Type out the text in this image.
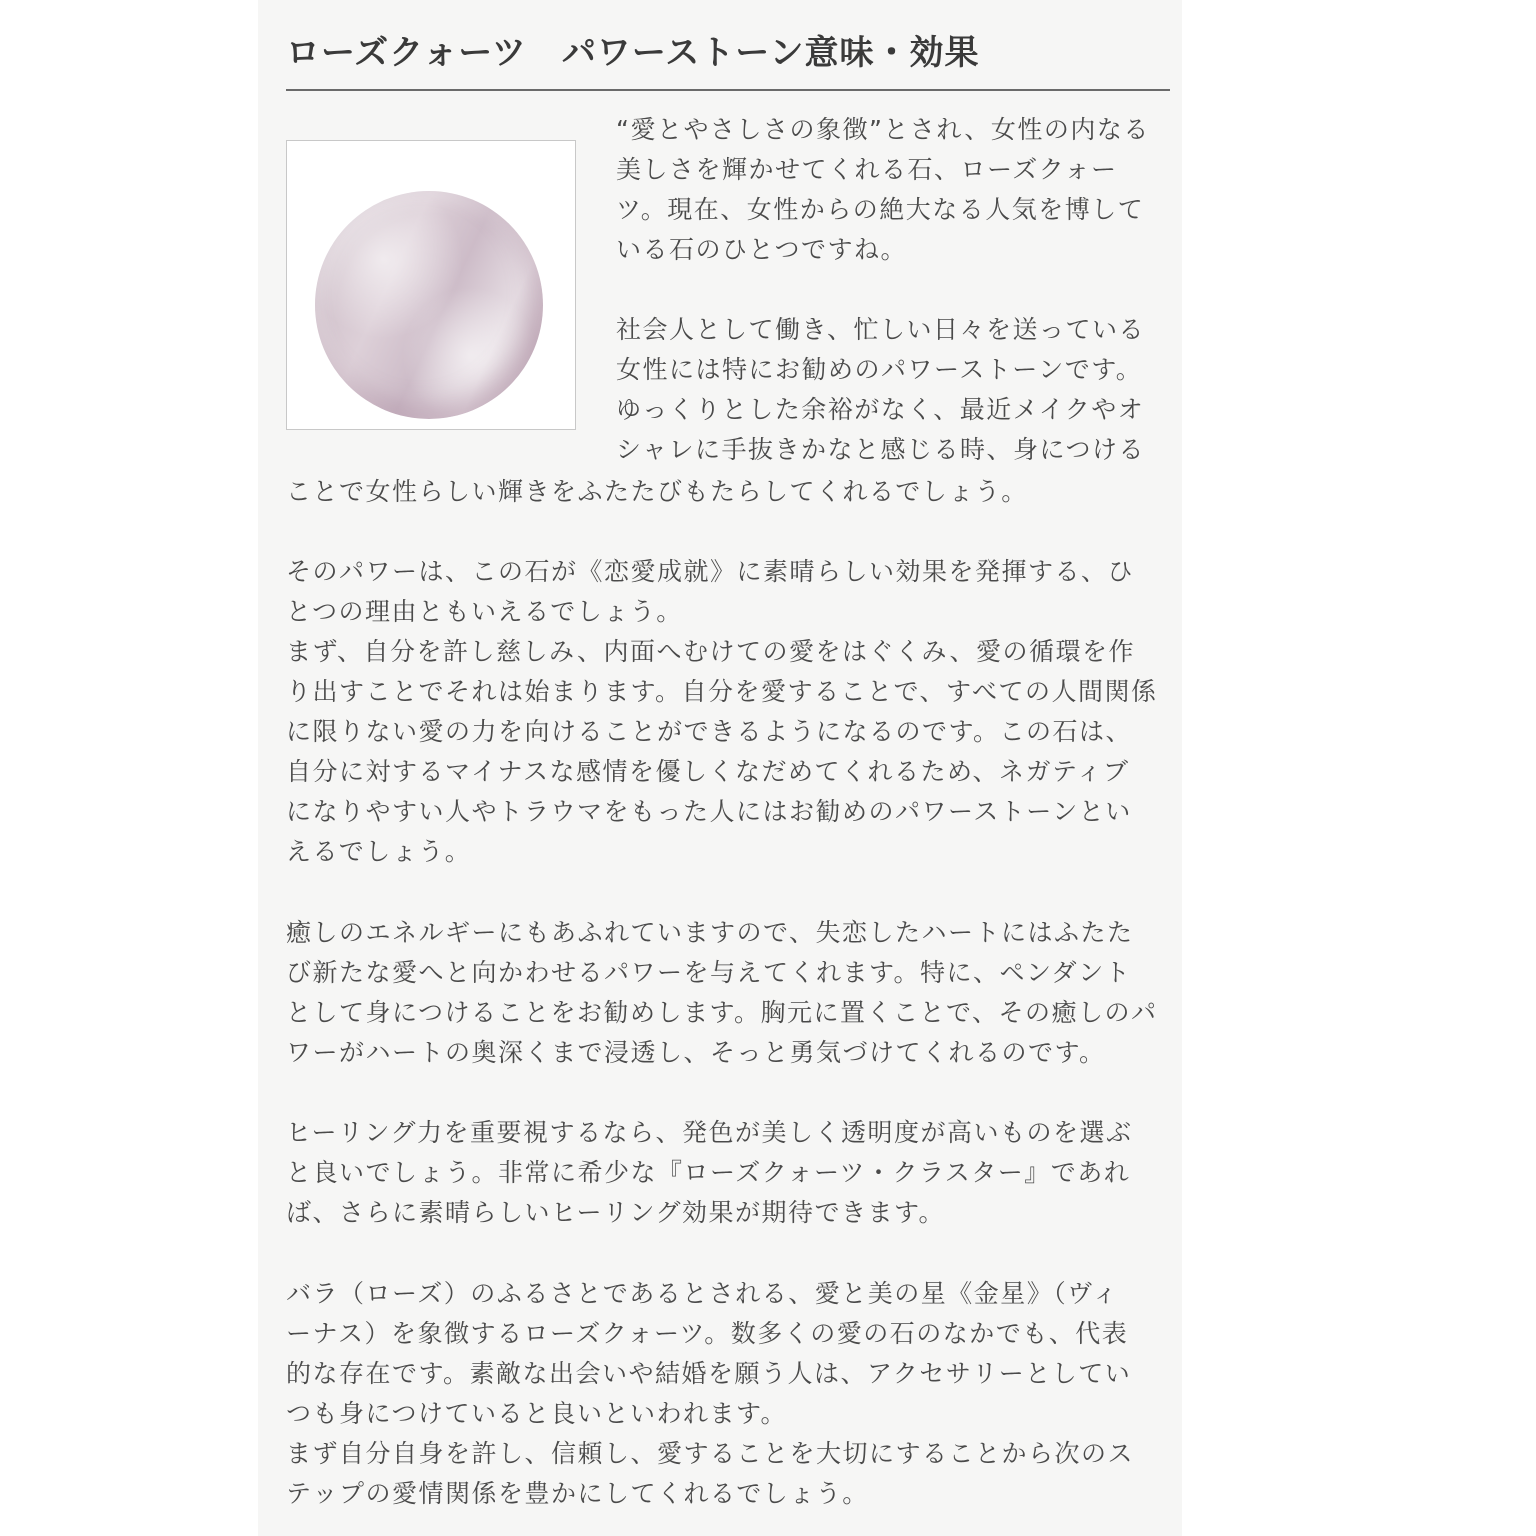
ローズクォーツ　パワーストーン意味・効果
“愛とやさしさの象徴”とされ、女性の内なる
美しさを輝かせてくれる石、ローズクォー
ツ。現在、女性からの絶大なる人気を博して
いる石のひとつですね。
社会人として働き、忙しい日々を送っている
女性には特にお勧めのパワーストーンです。
ゆっくりとした余裕がなく、最近メイクやオ
シャレに手抜きかなと感じる時、身につける
ことで女性らしい輝きをふたたびもたらしてくれるでしょう。
そのパワーは、この石が《恋愛成就》に素晴らしい効果を発揮する、ひ
とつの理由ともいえるでしょう。
まず、自分を許し慈しみ、内面へむけての愛をはぐくみ、愛の循環を作
り出すことでそれは始まります。自分を愛することで、すべての人間関係
に限りない愛の力を向けることができるようになるのです。この石は、
自分に対するマイナスな感情を優しくなだめてくれるため、ネガティブ
になりやすい人やトラウマをもった人にはお勧めのパワーストーンとい
えるでしょう。
癒しのエネルギーにもあふれていますので、失恋したハートにはふたた
び新たな愛へと向かわせるパワーを与えてくれます。特に、ペンダント
として身につけることをお勧めします。胸元に置くことで、その癒しのパ
ワーがハートの奥深くまで浸透し、そっと勇気づけてくれるのです。
ヒーリング力を重要視するなら、発色が美しく透明度が高いものを選ぶ
と良いでしょう。非常に希少な『ローズクォーツ・クラスター』であれ
ば、さらに素晴らしいヒーリング効果が期待できます。
バラ（ローズ）のふるさとであるとされる、愛と美の星《金星》（ヴィ
ーナス）を象徴するローズクォーツ。数多くの愛の石のなかでも、代表
的な存在です。素敵な出会いや結婚を願う人は、アクセサリーとしてい
つも身につけていると良いといわれます。
まず自分自身を許し、信頼し、愛することを大切にすることから次のス
テップの愛情関係を豊かにしてくれるでしょう。
